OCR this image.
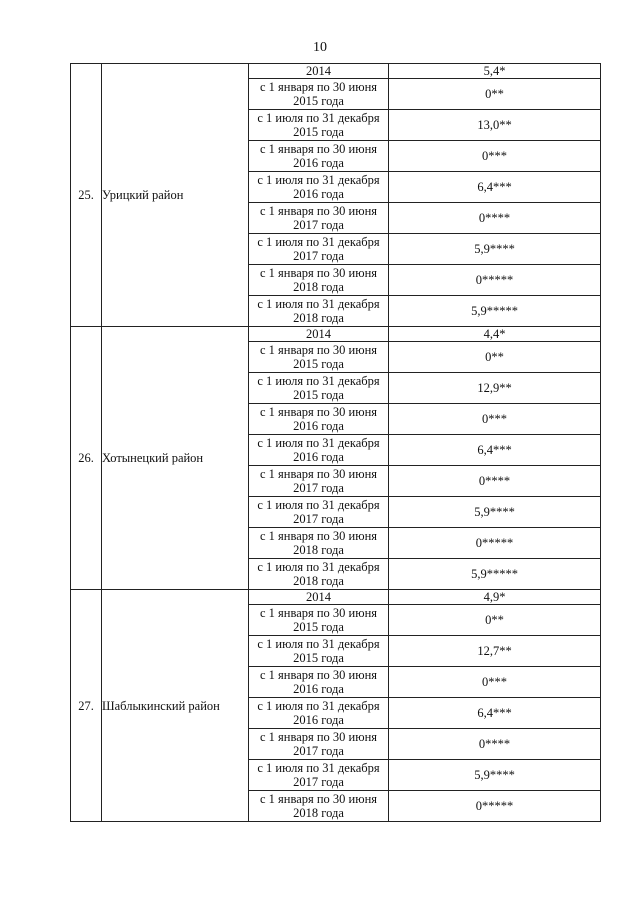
10
25.	Урицкий район	2014	5,4*
		с 1 января по 30 июня 2015 года	0**
		с 1 июля по 31 декабря 2015 года	13,0**
		с 1 января по 30 июня 2016 года	0***
		с 1 июля по 31 декабря 2016 года	6,4***
		с 1 января по 30 июня 2017 года	0****
		с 1 июля по 31 декабря 2017 года	5,9****
		с 1 января по 30 июня 2018 года	0*****
		с 1 июля по 31 декабря 2018 года	5,9*****
26.	Хотынецкий район	2014	4,4*
		с 1 января по 30 июня 2015 года	0**
		с 1 июля по 31 декабря 2015 года	12,9**
		с 1 января по 30 июня 2016 года	0***
		с 1 июля по 31 декабря 2016 года	6,4***
		с 1 января по 30 июня 2017 года	0****
		с 1 июля по 31 декабря 2017 года	5,9****
		с 1 января по 30 июня 2018 года	0*****
		с 1 июля по 31 декабря 2018 года	5,9*****
27.	Шаблыкинский район	2014	4,9*
		с 1 января по 30 июня 2015 года	0**
		с 1 июля по 31 декабря 2015 года	12,7**
		с 1 января по 30 июня 2016 года	0***
		с 1 июля по 31 декабря 2016 года	6,4***
		с 1 января по 30 июня 2017 года	0****
		с 1 июля по 31 декабря 2017 года	5,9****
		с 1 января по 30 июня 2018 года	0*****
